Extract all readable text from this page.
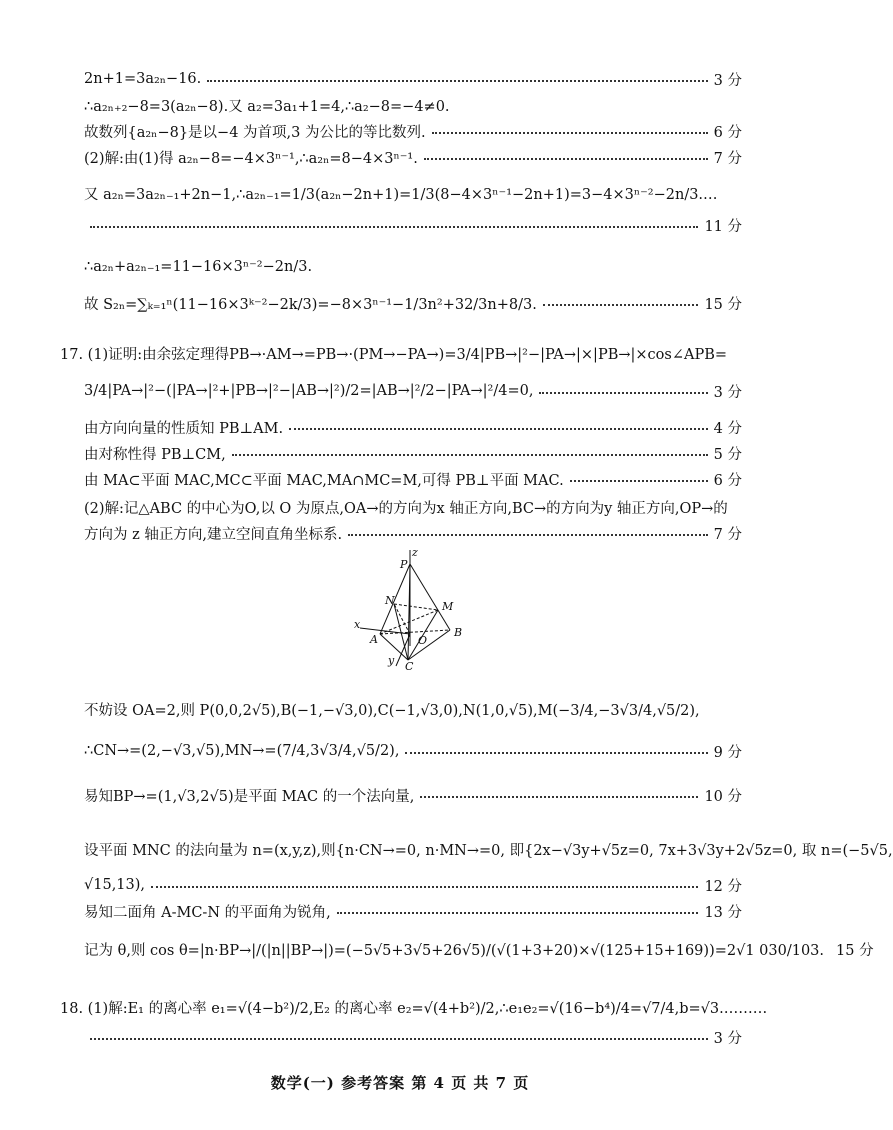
2n+1=3a₂ₙ−16.	3 分
∴a₂ₙ₊₂−8=3(a₂ₙ−8).又 a₂=3a₁+1=4,∴a₂−8=−4≠0.
故数列{a₂ₙ−8}是以−4 为首项,3 为公比的等比数列.	6 分
(2)解:由(1)得 a₂ₙ−8=−4×3ⁿ⁻¹,∴a₂ₙ=8−4×3ⁿ⁻¹.	7 分
又 a₂ₙ=3a₂ₙ₋₁+2n−1,∴a₂ₙ₋₁=1/3(a₂ₙ−2n+1)=1/3(8−4×3ⁿ⁻¹−2n+1)=3−4×3ⁿ⁻²−2n/3.…
11 分
∴a₂ₙ+a₂ₙ₋₁=11−16×3ⁿ⁻²−2n/3.
故 S₂ₙ=∑ₖ₌₁ⁿ(11−16×3ᵏ⁻²−2k/3)=−8×3ⁿ⁻¹−1/3n²+32/3n+8/3.	15 分
17. (1)证明:由余弦定理得PB→·AM→=PB→·(PM→−PA→)=3/4|PB→|²−|PA→|×|PB→|×cos∠APB=
3/4|PA→|²−(|PA→|²+|PB→|²−|AB→|²)/2=|AB→|²/2−|PA→|²/4=0,	3 分
由方向向量的性质知 PB⊥AM.	4 分
由对称性得 PB⊥CM,	5 分
由 MA⊂平面 MAC,MC⊂平面 MAC,MA∩MC=M,可得 PB⊥平面 MAC.	6 分
(2)解:记△ABC 的中心为O,以 O 为原点,OA→的方向为x 轴正方向,BC→的方向为y 轴正方向,OP→的
方向为 z 轴正方向,建立空间直角坐标系.	7 分
z
P
N	M
x
A	O
B
y C
不妨设 OA=2,则 P(0,0,2√5),B(−1,−√3,0),C(−1,√3,0),N(1,0,√5),M(−3/4,−3√3/4,√5/2),
∴CN→=(2,−√3,√5),MN→=(7/4,3√3/4,√5/2),	9 分
易知BP→=(1,√3,2√5)是平面 MAC 的一个法向量,	10 分
设平面 MNC 的法向量为 n=(x,y,z),则{n·CN→=0, n·MN→=0, 即{2x−√3y+√5z=0, 7x+3√3y+2√5z=0, 取 n=(−5√5,
√15,13),	12 分
易知二面角 A-MC-N 的平面角为锐角,	13 分
记为 θ,则 cos θ=|n·BP→|/(|n||BP→|)=(−5√5+3√5+26√5)/(√(1+3+20)×√(125+15+169))=2√1 030/103. 15 分
18. (1)解:E₁ 的离心率 e₁=√(4−b²)/2,E₂ 的离心率 e₂=√(4+b²)/2,∴e₁e₂=√(16−b⁴)/4=√7/4,b=√3.………
3 分
数学(一) 参考答案 第 4 页 共 7 页
